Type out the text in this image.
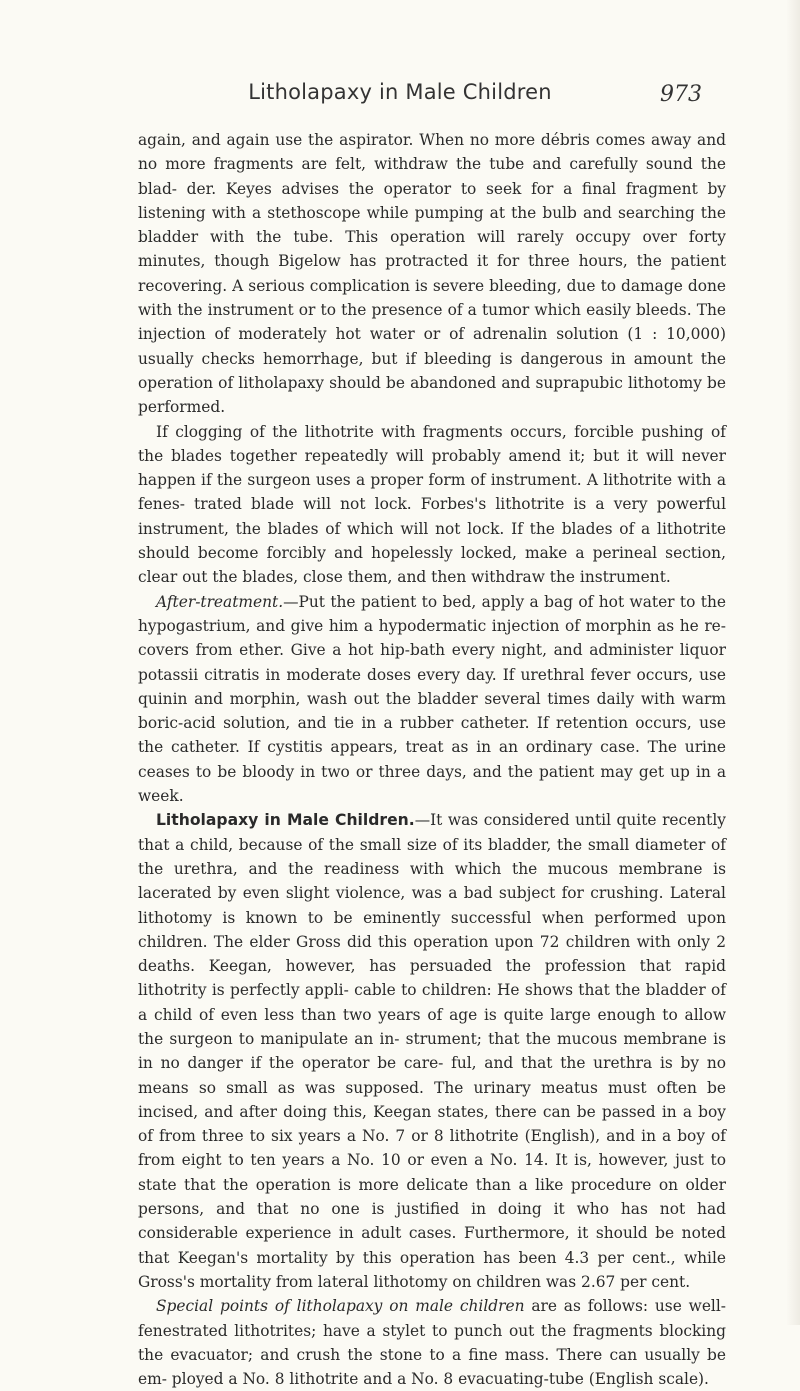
Litholapaxy in Male Children	973

again, and again use the aspirator. When no more débris comes away and no more fragments are felt, withdraw the tube and carefully sound the blad- der. Keyes advises the operator to seek for a final fragment by listening with a stethoscope while pumping at the bulb and searching the bladder with the tube. This operation will rarely occupy over forty minutes, though Bigelow has protracted it for three hours, the patient recovering. A serious complication is severe bleeding, due to damage done with the instrument or to the presence of a tumor which easily bleeds. The injection of moderately hot water or of adrenalin solution (1 : 10,000) usually checks hemorrhage, but if bleeding is dangerous in amount the operation of litholapaxy should be abandoned and suprapubic lithotomy be performed.

If clogging of the lithotrite with fragments occurs, forcible pushing of the blades together repeatedly will probably amend it; but it will never happen if the surgeon uses a proper form of instrument. A lithotrite with a fenes- trated blade will not lock. Forbes's lithotrite is a very powerful instrument, the blades of which will not lock. If the blades of a lithotrite should become forcibly and hopelessly locked, make a perineal section, clear out the blades, close them, and then withdraw the instrument.

After-treatment.—Put the patient to bed, apply a bag of hot water to the hypogastrium, and give him a hypodermatic injection of morphin as he re- covers from ether. Give a hot hip-bath every night, and administer liquor potassii citratis in moderate doses every day. If urethral fever occurs, use quinin and morphin, wash out the bladder several times daily with warm boric-acid solution, and tie in a rubber catheter. If retention occurs, use the catheter. If cystitis appears, treat as in an ordinary case. The urine ceases to be bloody in two or three days, and the patient may get up in a week.

Litholapaxy in Male Children.—It was considered until quite recently that a child, because of the small size of its bladder, the small diameter of the urethra, and the readiness with which the mucous membrane is lacerated by even slight violence, was a bad subject for crushing. Lateral lithotomy is known to be eminently successful when performed upon children. The elder Gross did this operation upon 72 children with only 2 deaths. Keegan, however, has persuaded the profession that rapid lithotrity is perfectly appli- cable to children: He shows that the bladder of a child of even less than two years of age is quite large enough to allow the surgeon to manipulate an in- strument; that the mucous membrane is in no danger if the operator be care- ful, and that the urethra is by no means so small as was supposed. The urinary meatus must often be incised, and after doing this, Keegan states, there can be passed in a boy of from three to six years a No. 7 or 8 lithotrite (English), and in a boy of from eight to ten years a No. 10 or even a No. 14. It is, however, just to state that the operation is more delicate than a like procedure on older persons, and that no one is justified in doing it who has not had considerable experience in adult cases. Furthermore, it should be noted that Keegan's mortality by this operation has been 4.3 per cent., while Gross's mortality from lateral lithotomy on children was 2.67 per cent.

Special points of litholapaxy on male children are as follows: use well- fenestrated lithotrites; have a stylet to punch out the fragments blocking the evacuator; and crush the stone to a fine mass. There can usually be em- ployed a No. 8 lithotrite and a No. 8 evacuating-tube (English scale).
